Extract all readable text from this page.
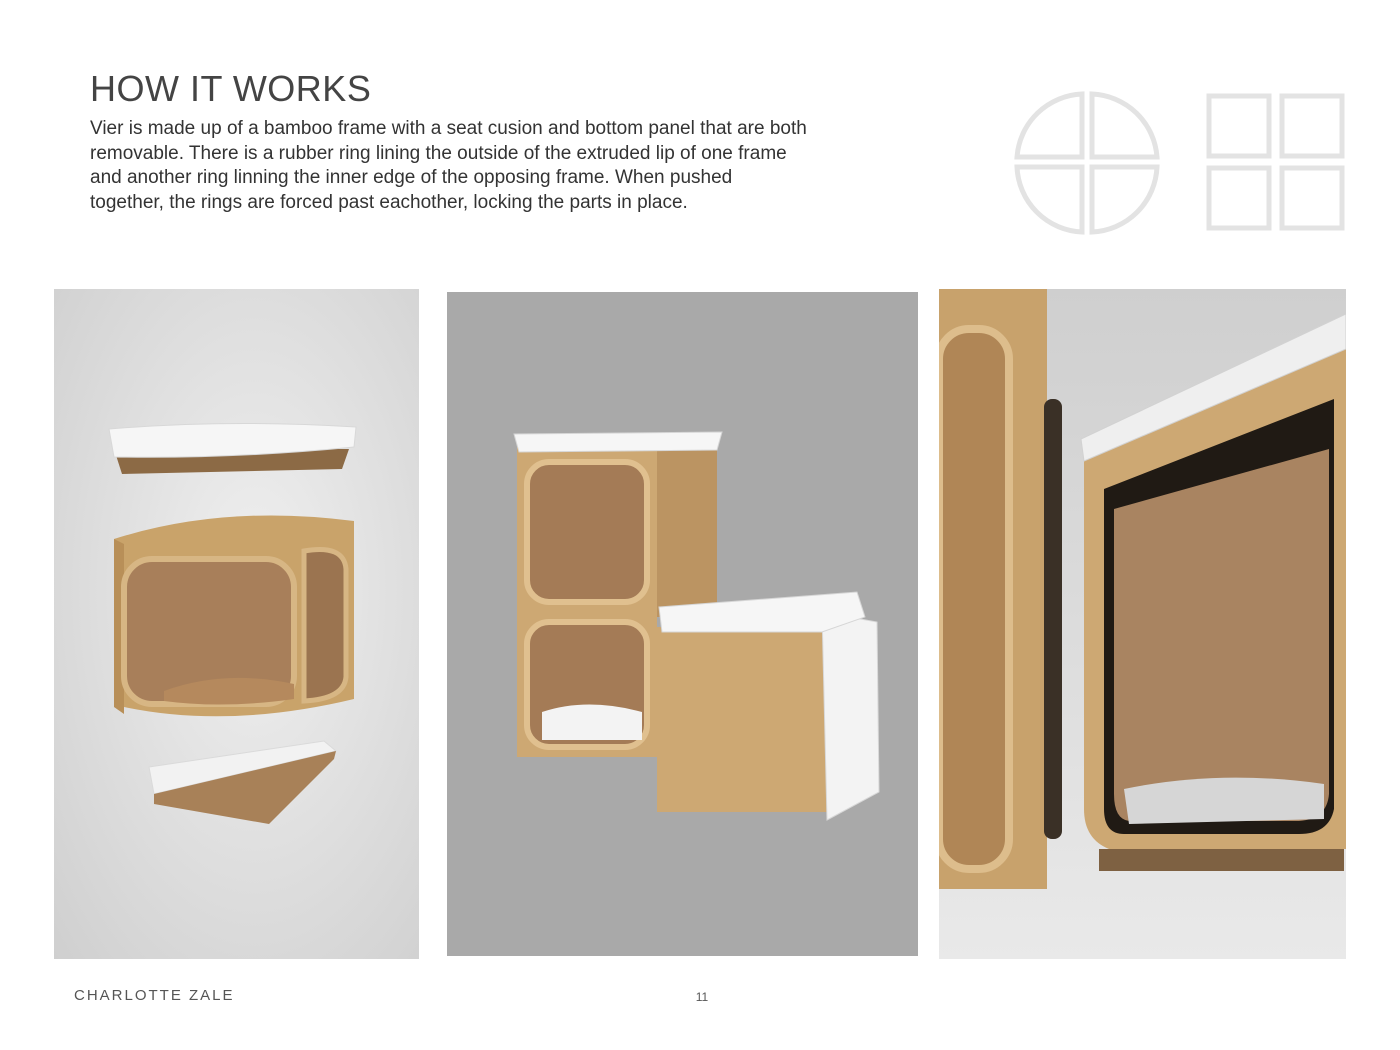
HOW IT WORKS

Vier is made up of a bamboo frame with a seat cusion and bottom panel that are both removable. There is a rubber ring lining the outside of the extruded lip of one frame and another ring linning the inner edge of the opposing frame. When pushed together, the rings are forced past eachother, locking the parts in place.

CHARLOTTE ZALE	11
